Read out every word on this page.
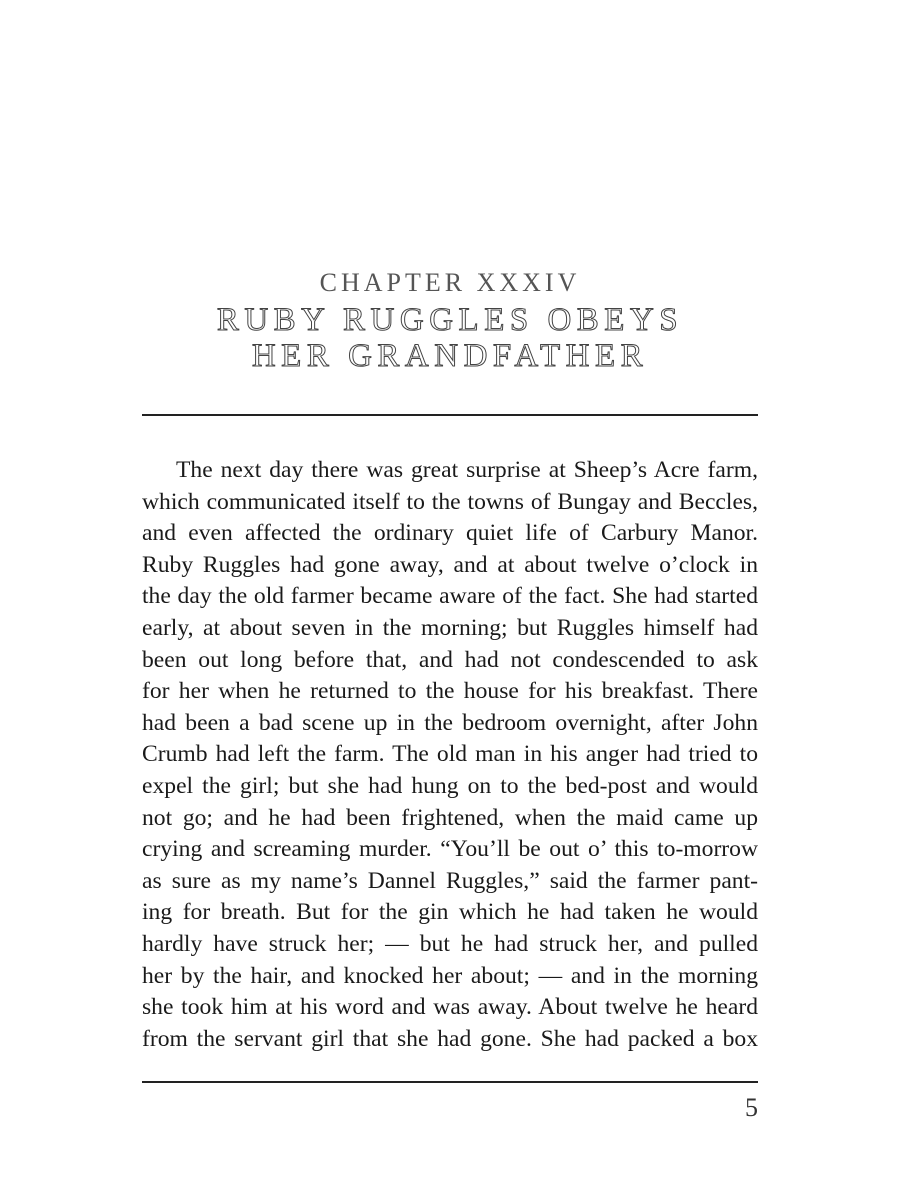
CHAPTER XXXIV
RUBY RUGGLES OBEYS
HER GRANDFATHER
The next day there was great surprise at Sheep’s Acre farm,
which communicated itself to the towns of Bungay and Beccles,
and even affected the ordinary quiet life of Carbury Manor.
Ruby Ruggles had gone away, and at about twelve o’clock in
the day the old farmer became aware of the fact. She had started
early, at about seven in the morning; but Ruggles himself had
been out long before that, and had not condescended to ask
for her when he returned to the house for his breakfast. There
had been a bad scene up in the bedroom overnight, after John
Crumb had left the farm. The old man in his anger had tried to
expel the girl; but she had hung on to the bed-post and would
not go; and he had been frightened, when the maid came up
crying and screaming murder. “You’ll be out o’ this to-morrow
as sure as my name’s Dannel Ruggles,” said the farmer pant-
ing for breath. But for the gin which he had taken he would
hardly have struck her; — but he had struck her, and pulled
her by the hair, and knocked her about; — and in the morning
she took him at his word and was away. About twelve he heard
from the servant girl that she had gone. She had packed a box
5
